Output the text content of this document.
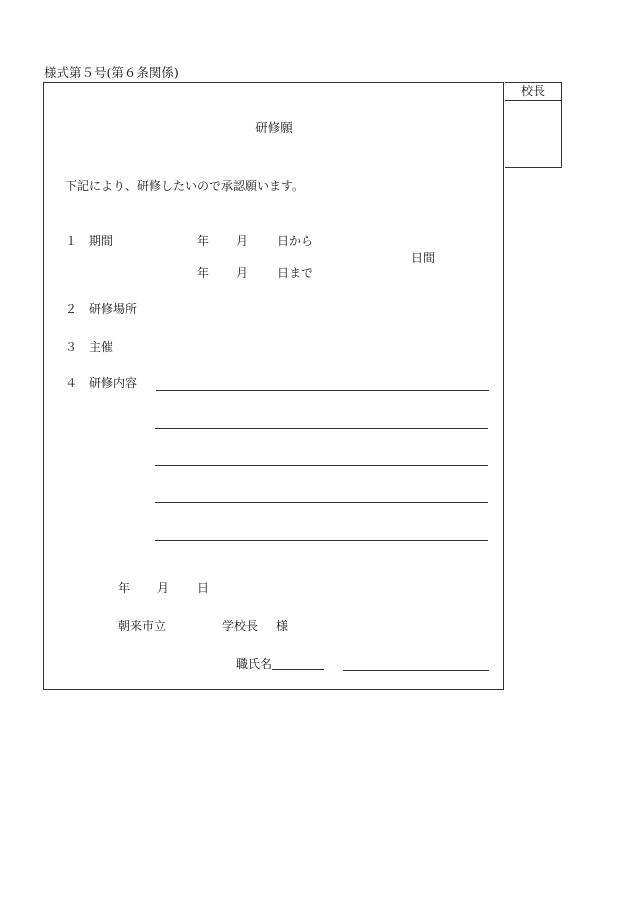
様式第５号(第６条関係)
校長
研修願
下記により、研修したいので承認願います。
１ 期間	年 月 日から
年 月 日まで
日間
２ 研修場所
３ 主催
４ 研修内容
年 月 日
朝来市立	学校長 様
職氏名
